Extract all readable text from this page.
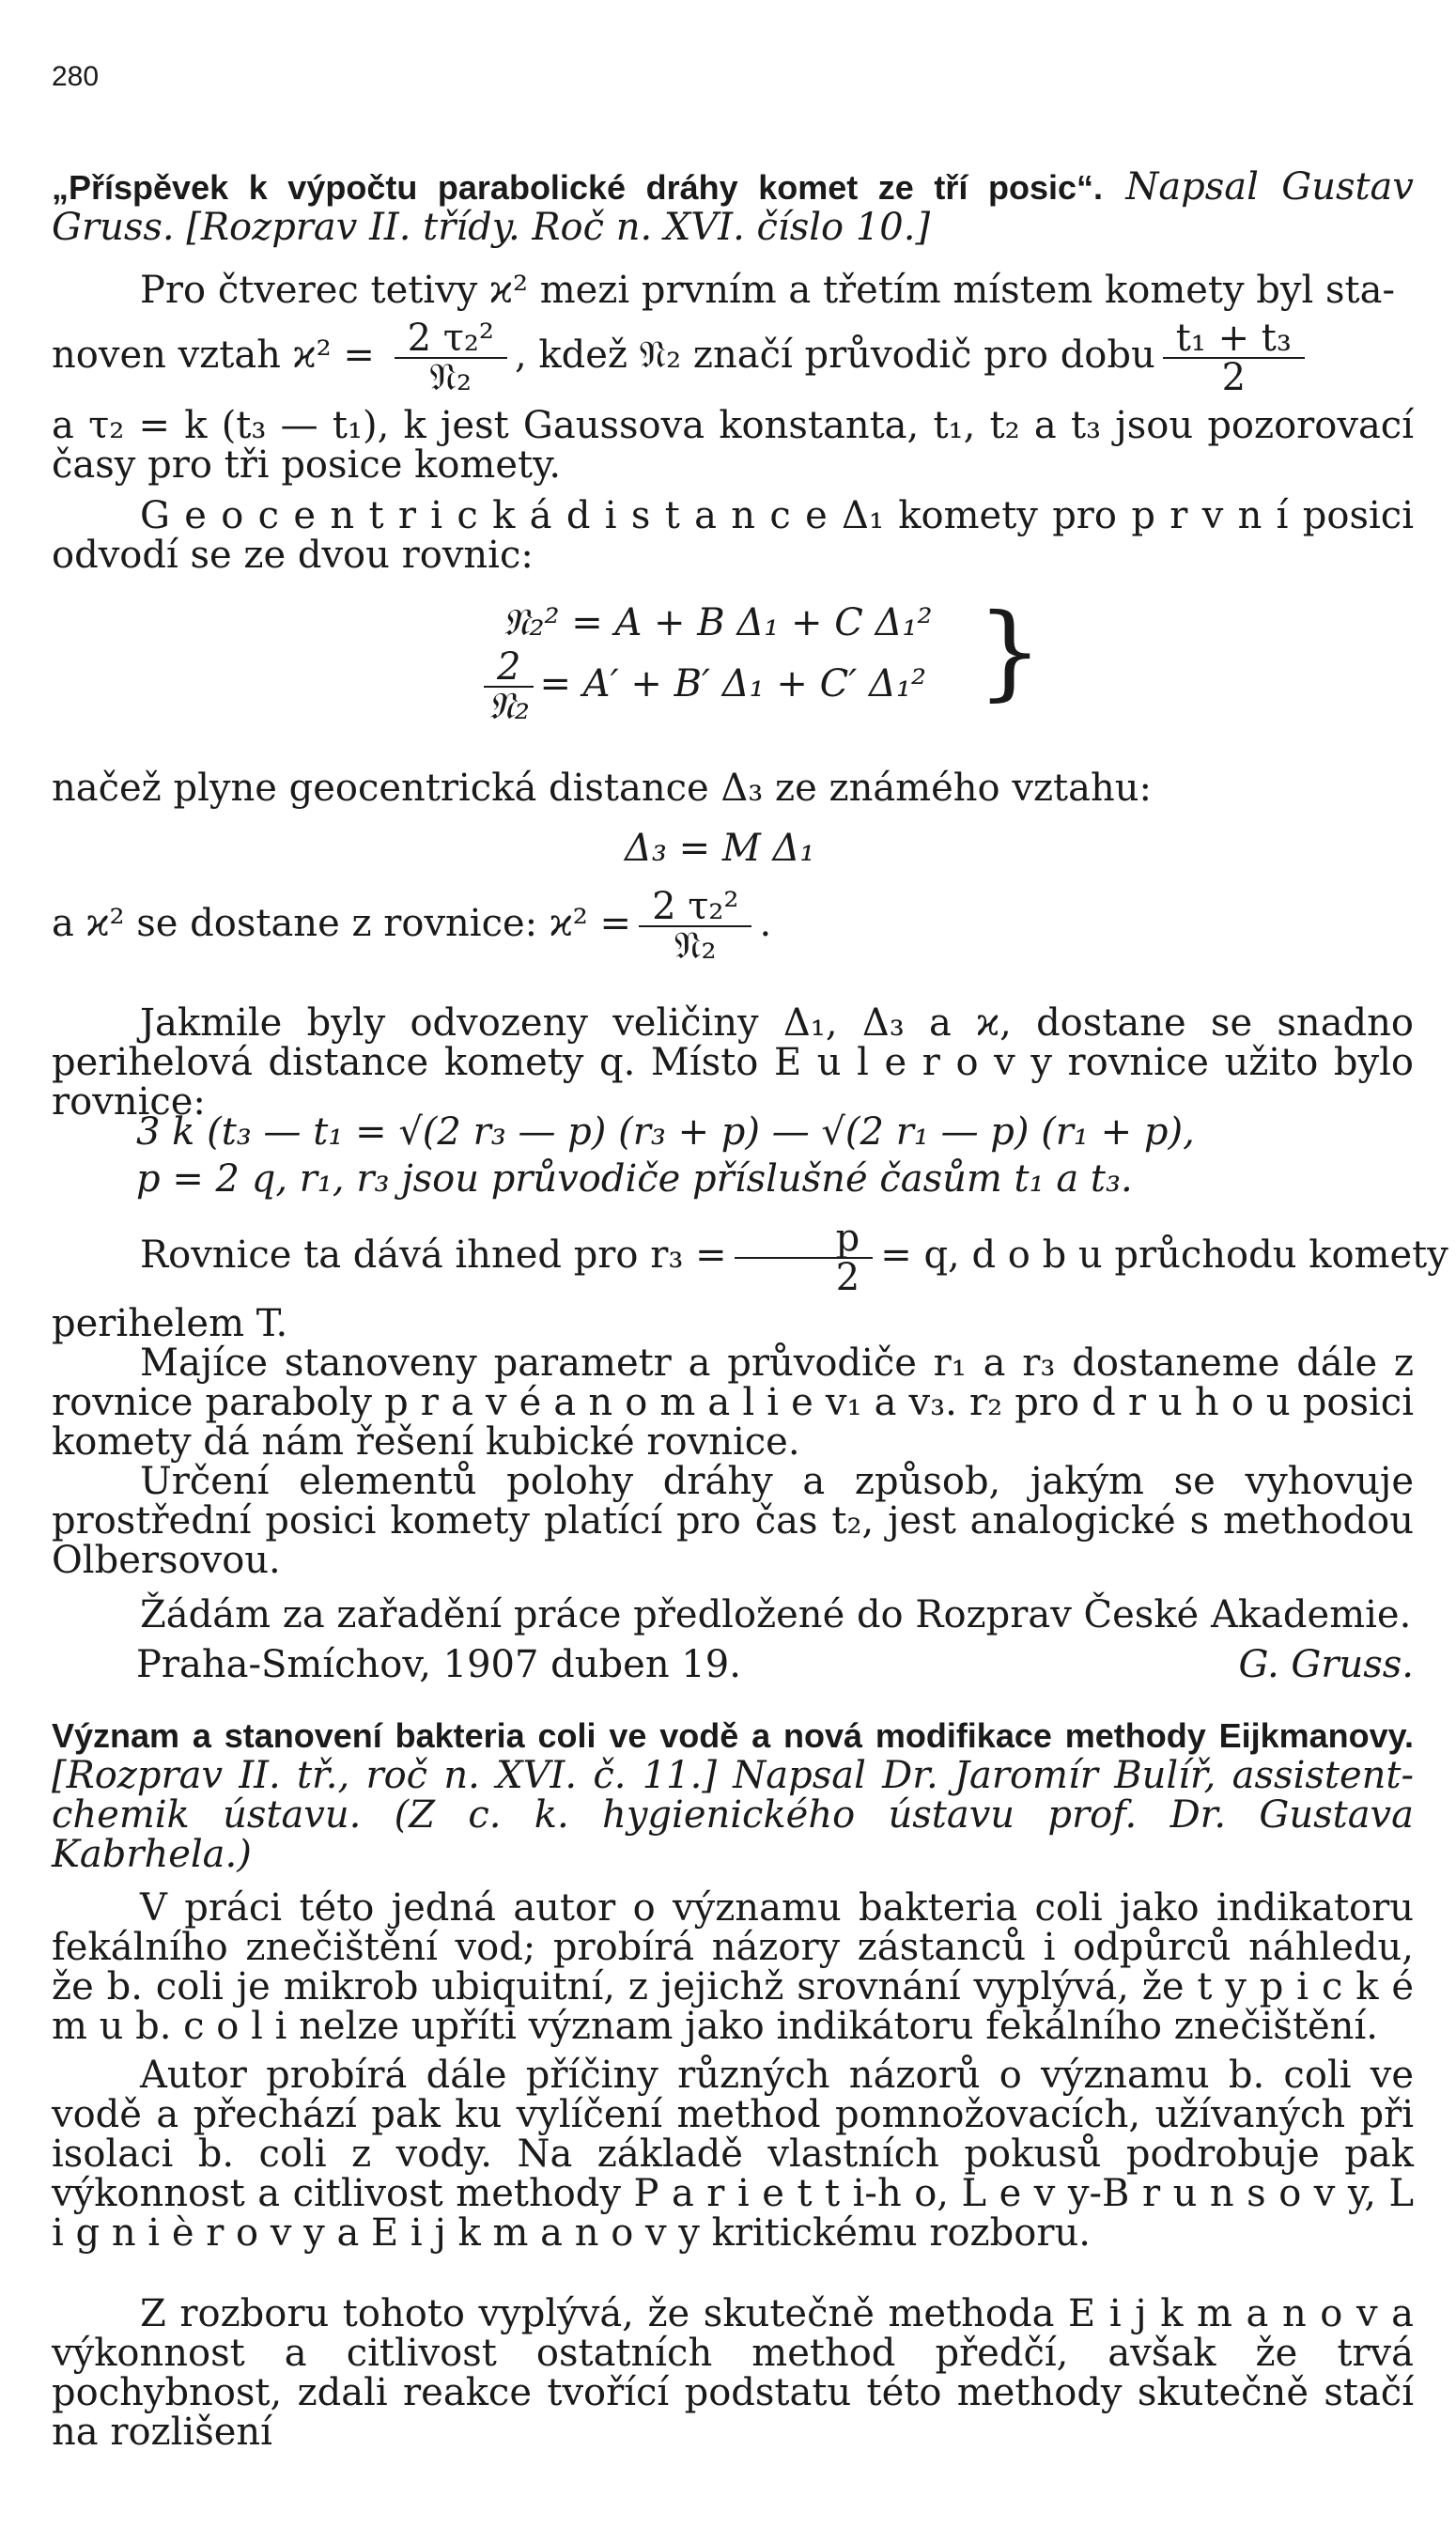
280

„Příspěvek k výpočtu parabolické dráhy komet ze tří posic“. Napsal Gustav Gruss. [Rozprav II. třídy. Roč n. XVI. číslo 10.]

Pro čtverec tetivy ϰ² mezi prvním a třetím místem komety byl sta-

noven vztah $ϰ^2 = \frac{\text{2 τ₂²}}{\text{𝔑₂}}$ , kdež 𝔑₂ značí průvodič pro dobu $\frac{\text{t₁ + t₃}}{2}$

a τ₂ = k (t₃ — t₁), k jest Gaussova konstanta, t₁, t₂ a t₃ jsou pozorovací časy pro tři posice komety.

G e o c e n t r i c k á d i s t a n c e Δ₁ komety pro p r v n í posici odvodí se ze dvou rovnic:

𝔑₂² = A + B Δ₁ + C Δ₁²
$\frac{2}{\text{𝔑₂}} = A' + B'$ Δ₁ + C′ Δ₁² }

načež plyne geocentrická distance Δ₃ ze známého vztahu:

Δ₃ = M Δ₁

a ϰ² se dostane z rovnice: $ϰ^2 = \frac{\text{2 τ₂²}}{\text{𝔑₂}}$ .

Jakmile byly odvozeny veličiny Δ₁, Δ₃ a ϰ, dostane se snadno perihelová distance komety q. Místo E u l e r o v y rovnice užito bylo rovnice:

3 k (t₃ — t₁ = √(2 r₃ — p) (r₃ + p) — √(2 r₁ — p) (r₁ + p),
p = 2 q, r₁, r₃ jsou průvodiče příslušné časům t₁ a t₃.

Rovnice ta dává ihned pro $r_3 = \frac{p}{2} = q$, d o b u průchodu komety

perihelem T.

Majíce stanoveny parametr a průvodiče r₁ a r₃ dostaneme dále z rovnice paraboly p r a v é a n o m a l i e v₁ a v₃. r₂ pro d r u h o u posici komety dá nám řešení kubické rovnice.

Určení elementů polohy dráhy a způsob, jakým se vyhovuje prostřední posici komety platící pro čas t₂, jest analogické s methodou Olbersovou.

Žádám za zařadění práce předložené do Rozprav České Akademie.

Praha-Smíchov, 1907 duben 19.	G. Gruss.

Význam a stanovení bakteria coli ve vodě a nová modifikace methody Eijkmanovy. [Rozprav II. tř., roč n. XVI. č. 11.] Napsal Dr. Jaromír Bulíř, assistent-chemik ústavu. (Z c. k. hygienického ústavu prof. Dr. Gustava Kabrhela.)

V práci této jedná autor o významu bakteria coli jako indikatoru fekálního znečištění vod; probírá názory zástanců i odpůrců náhledu, že b. coli je mikrob ubiquitní, z jejichž srovnání vyplývá, že t y p i c k é m u b. c o l i nelze upříti význam jako indikátoru fekálního znečištění.

Autor probírá dále příčiny různých názorů o významu b. coli ve vodě a přechází pak ku vylíčení method pomnožovacích, užívaných při isolaci b. coli z vody. Na základě vlastních pokusů podrobuje pak výkonnost a citlivost methody P a r i e t t i-h o, L e v y-B r u n s o v y, L i g n i è r o v y a E i j k m a n o v y kritickému rozboru.

Z rozboru tohoto vyplývá, že skutečně methoda E i j k m a n o v a výkonnost a citlivost ostatních method předčí, avšak že trvá pochybnost, zdali reakce tvořící podstatu této methody skutečně stačí na rozlišení
